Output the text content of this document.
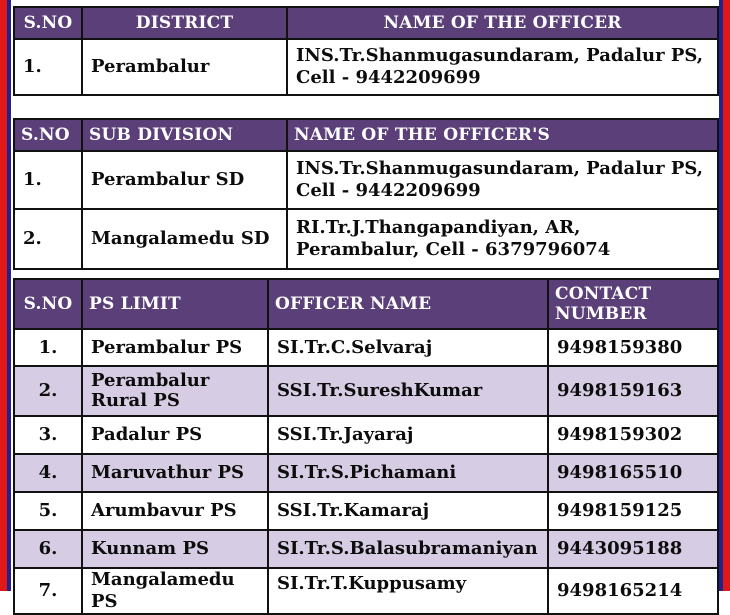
S.NO	DISTRICT	NAME OF THE OFFICER
1.	Perambalur	INS.Tr.Shanmugasundaram, Padalur PS, Cell - 9442209699
S.NO	SUB DIVISION	NAME OF THE OFFICER'S
1.	Perambalur SD	INS.Tr.Shanmugasundaram, Padalur PS, Cell - 9442209699
2.	Mangalamedu SD	RI.Tr.J.Thangapandiyan, AR, Perambalur, Cell - 6379796074
S.NO	PS LIMIT	OFFICER NAME	CONTACT NUMBER
1.	Perambalur PS	SI.Tr.C.Selvaraj	9498159380
2.	Perambalur Rural PS	SSI.Tr.SureshKumar	9498159163
3.	Padalur PS	SSI.Tr.Jayaraj	9498159302
4.	Maruvathur PS	SI.Tr.S.Pichamani	9498165510
5.	Arumbavur PS	SSI.Tr.Kamaraj	9498159125
6.	Kunnam PS	SI.Tr.S.Balasubramaniyan	9443095188
7.	Mangalamedu PS	SI.Tr.T.Kuppusamy	9498165214
